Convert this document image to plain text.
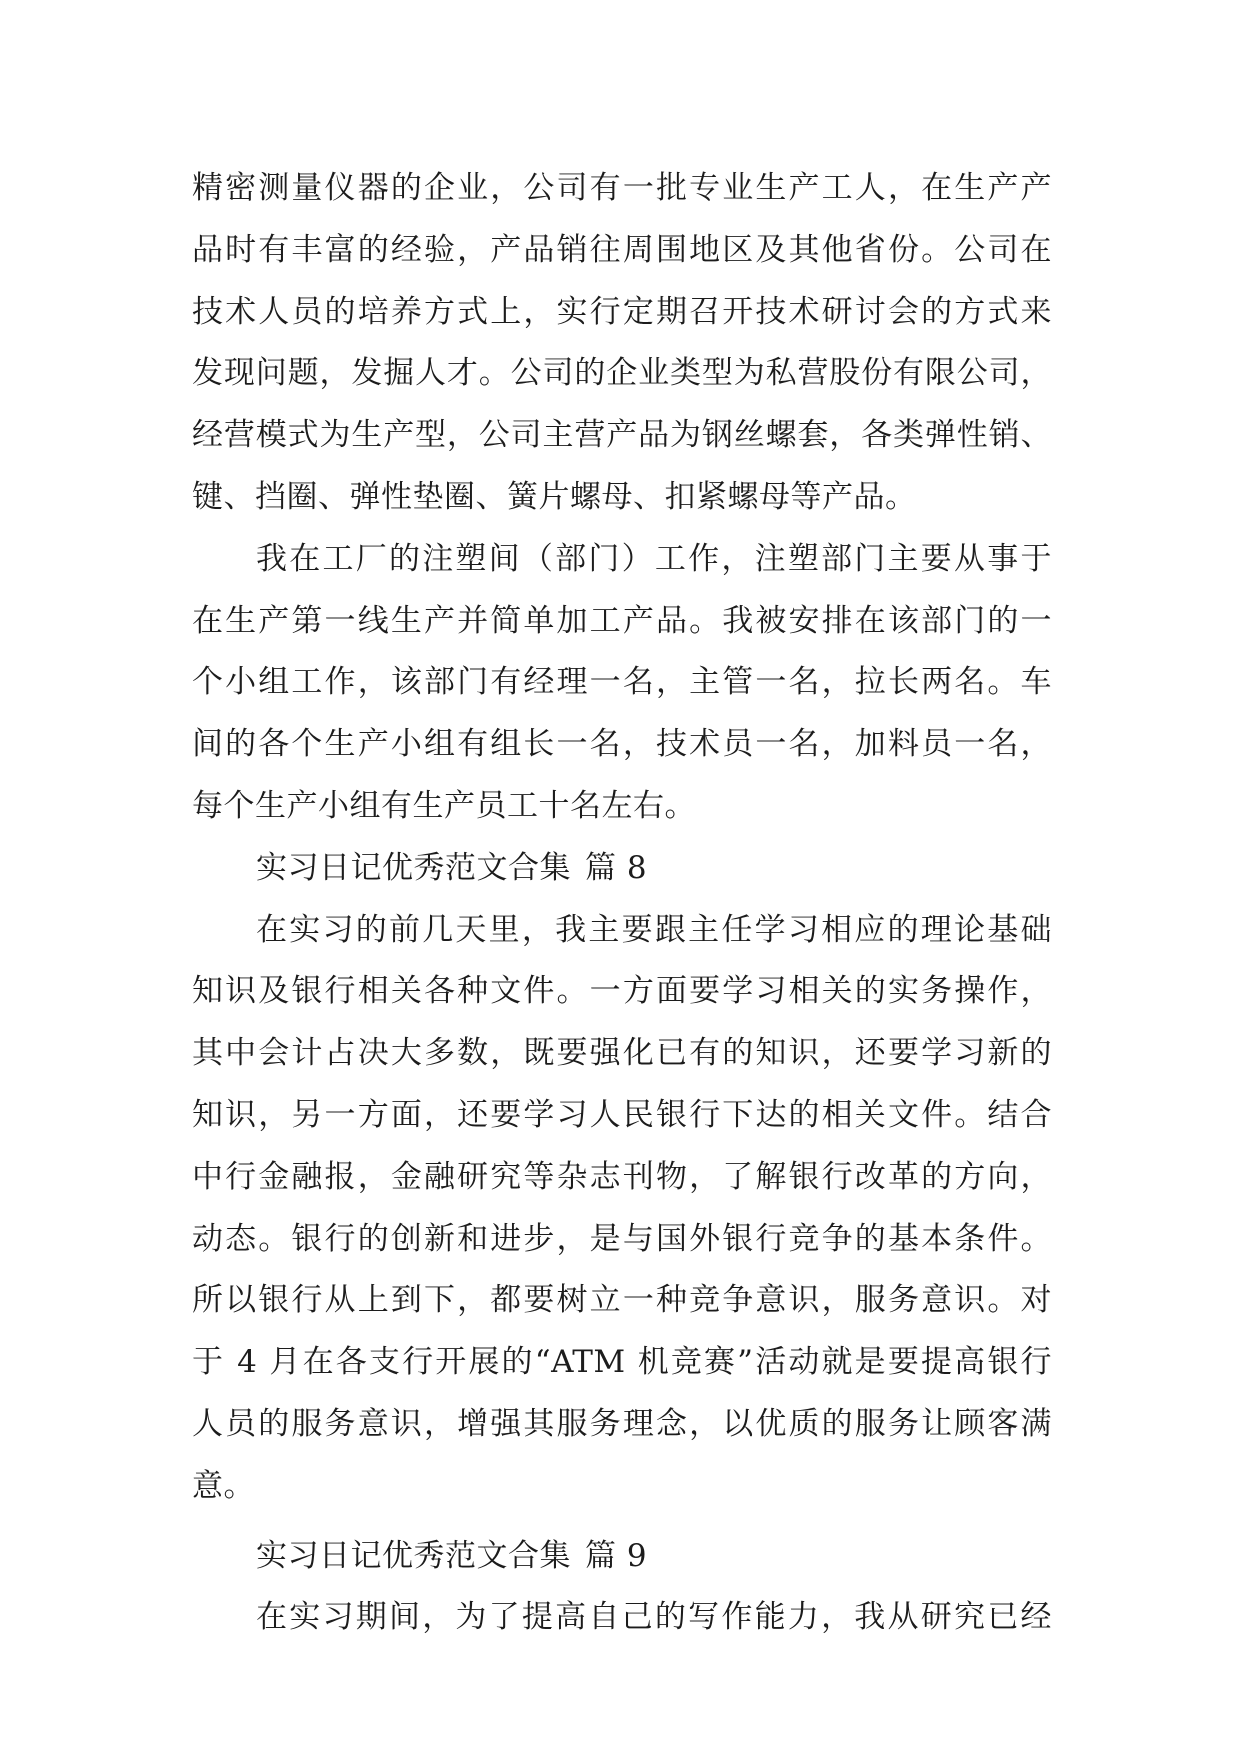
精密测量仪器的企业，公司有一批专业生产工人，在生产产
品时有丰富的经验，产品销往周围地区及其他省份。公司在
技术人员的培养方式上，实行定期召开技术研讨会的方式来
发现问题，发掘人才。公司的企业类型为私营股份有限公司，
经营模式为生产型，公司主营产品为钢丝螺套，各类弹性销、
键、挡圈、弹性垫圈、簧片螺母、扣紧螺母等产品。

我在工厂的注塑间（部门）工作，注塑部门主要从事于
在生产第一线生产并简单加工产品。我被安排在该部门的一
个小组工作，该部门有经理一名，主管一名，拉长两名。车
间的各个生产小组有组长一名，技术员一名，加料员一名，
每个生产小组有生产员工十名左右。

实习日记优秀范文合集 篇 8

在实习的前几天里，我主要跟主任学习相应的理论基础
知识及银行相关各种文件。一方面要学习相关的实务操作，
其中会计占决大多数，既要强化已有的知识，还要学习新的
知识，另一方面，还要学习人民银行下达的相关文件。结合
中行金融报，金融研究等杂志刊物，了解银行改革的方向，
动态。银行的创新和进步，是与国外银行竞争的基本条件。
所以银行从上到下，都要树立一种竞争意识，服务意识。对
于 4 月在各支行开展的“ATM 机竞赛”活动就是要提高银行
人员的服务意识，增强其服务理念，以优质的服务让顾客满
意。

实习日记优秀范文合集 篇 9

在实习期间，为了提高自己的写作能力，我从研究已经
